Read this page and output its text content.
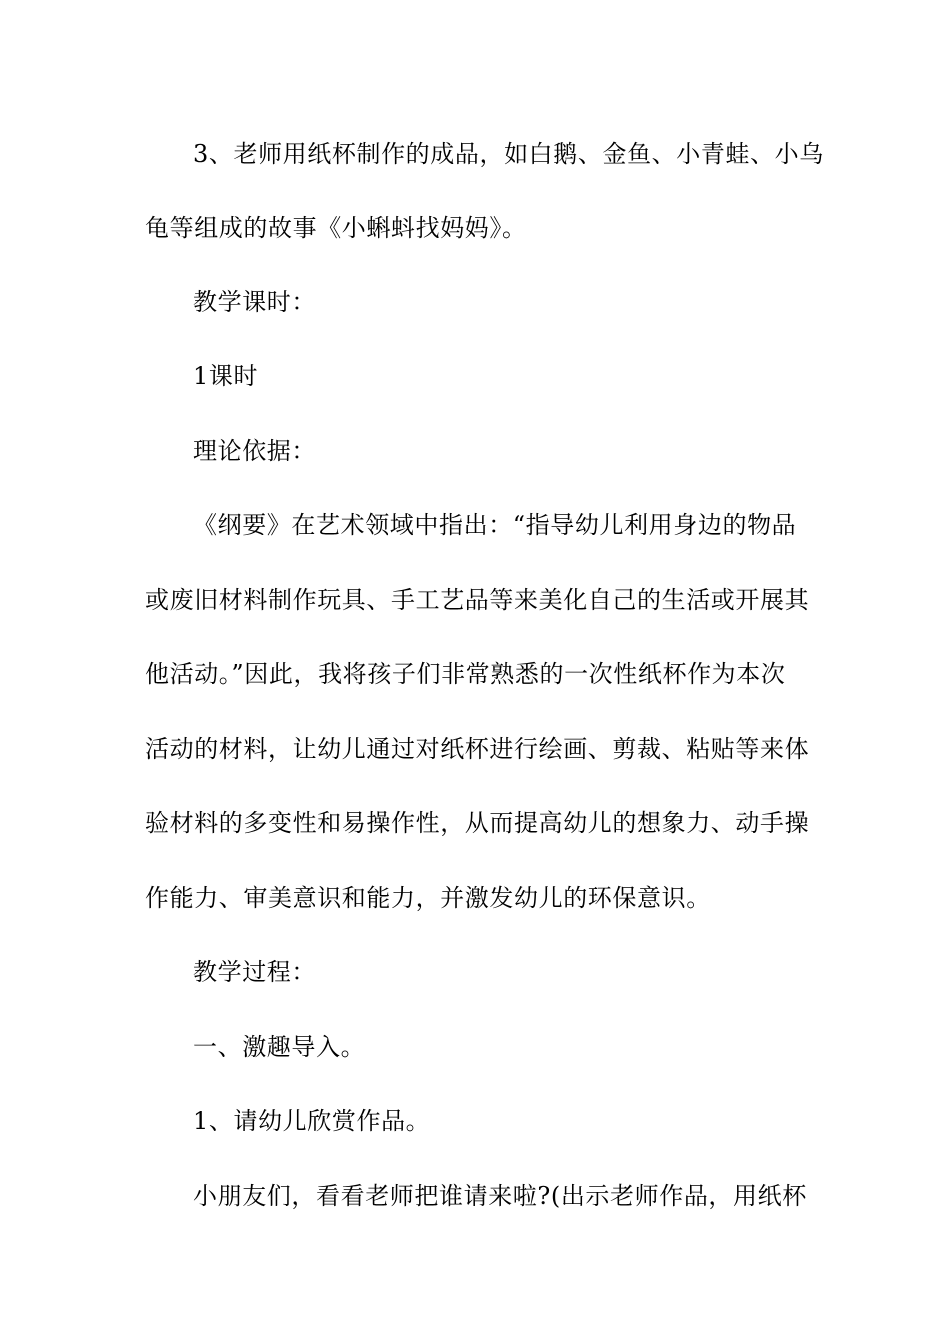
3、老师用纸杯制作的成品，如白鹅、金鱼、小青蛙、小乌
龟等组成的故事《小蝌蚪找妈妈》。
教学课时：
1课时
理论依据：
《纲要》在艺术领域中指出：“指导幼儿利用身边的物品
或废旧材料制作玩具、手工艺品等来美化自己的生活或开展其
他活动。”因此，我将孩子们非常熟悉的一次性纸杯作为本次
活动的材料，让幼儿通过对纸杯进行绘画、剪裁、粘贴等来体
验材料的多变性和易操作性，从而提高幼儿的想象力、动手操
作能力、审美意识和能力，并激发幼儿的环保意识。
教学过程：
一、激趣导入。
1、请幼儿欣赏作品。
小朋友们，看看老师把谁请来啦?(出示老师作品，用纸杯
